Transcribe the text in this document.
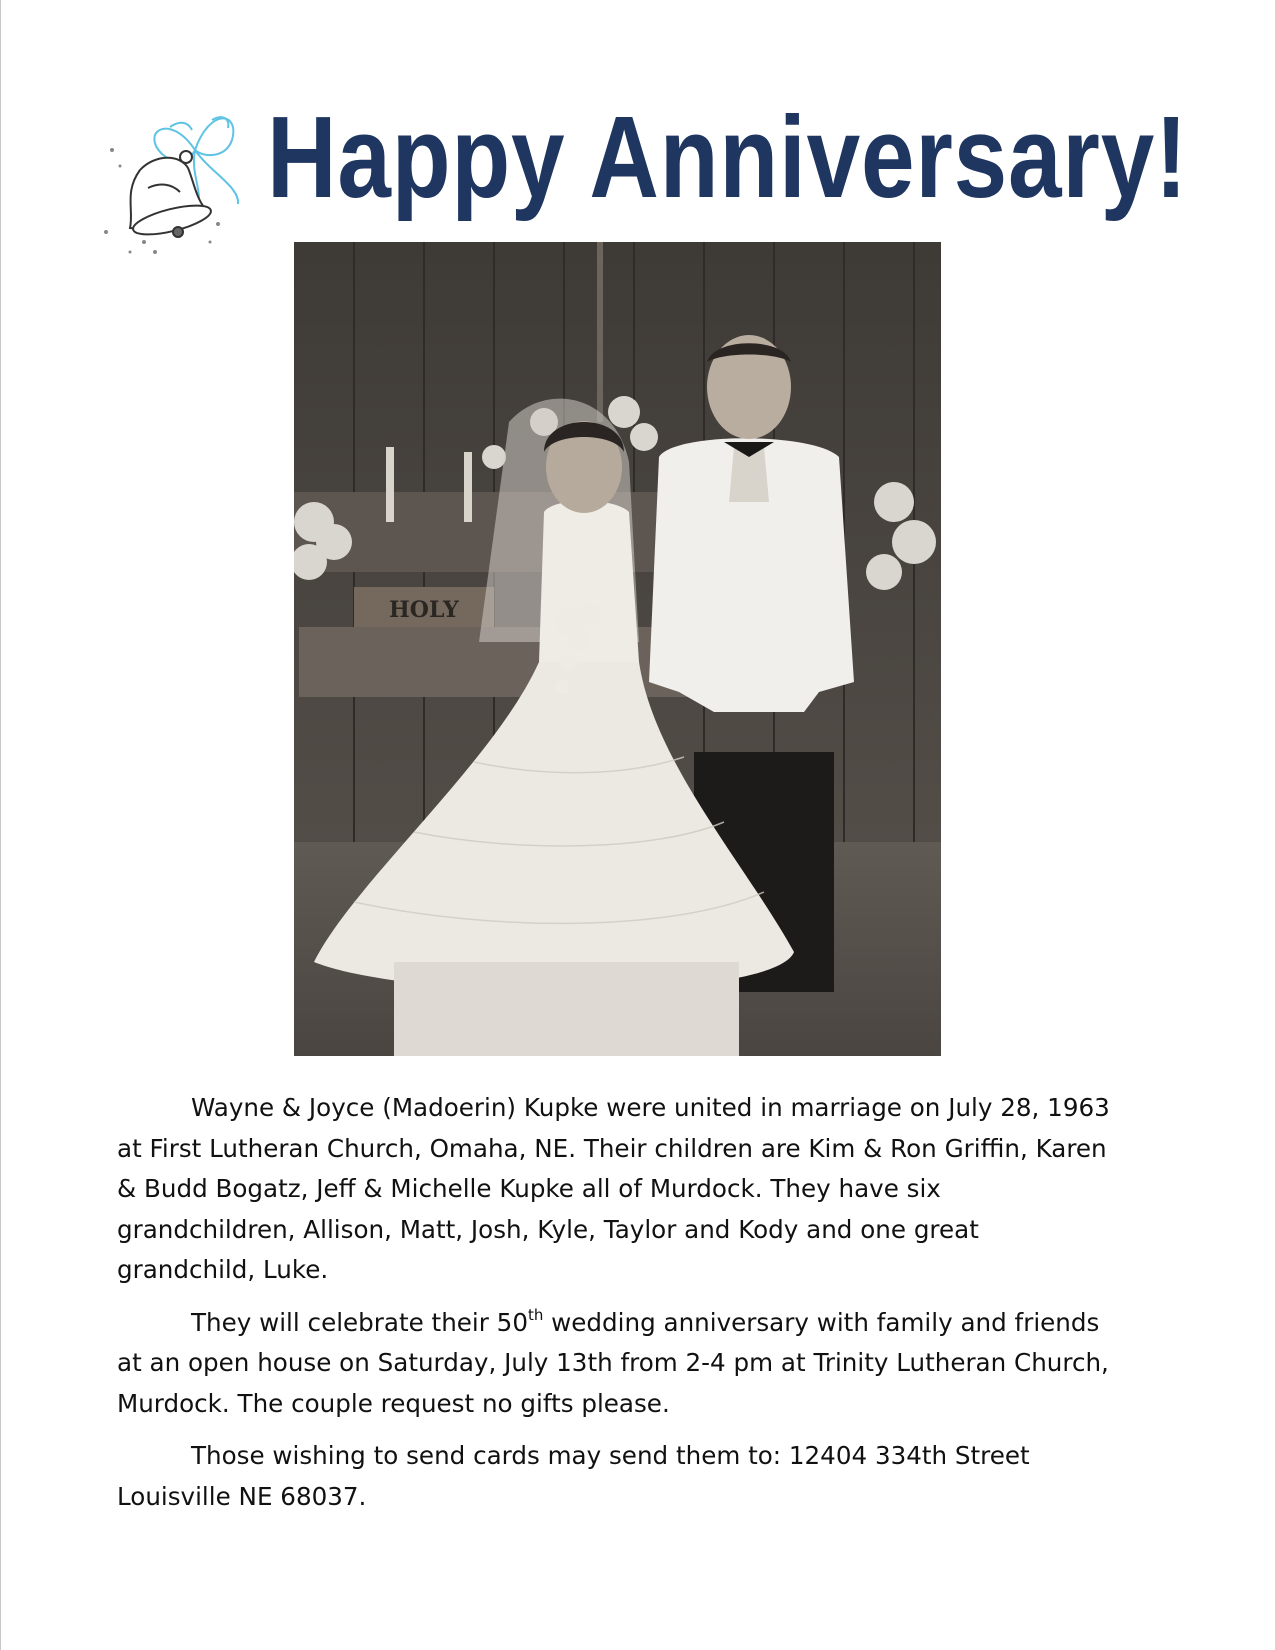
Happy Anniversary!
HOLY

Wayne & Joyce (Madoerin) Kupke were united in marriage on July 28, 1963 at First Lutheran Church, Omaha, NE. Their children are Kim & Ron Griffin, Karen & Budd Bogatz, Jeff & Michelle Kupke all of Murdock. They have six grandchildren, Allison, Matt, Josh, Kyle, Taylor and Kody and one great grandchild, Luke.

They will celebrate their 50th wedding anniversary with family and friends at an open house on Saturday, July 13th from 2-4 pm at Trinity Lutheran Church, Murdock. The couple request no gifts please.

Those wishing to send cards may send them to: 12404 334th Street Louisville NE 68037.
